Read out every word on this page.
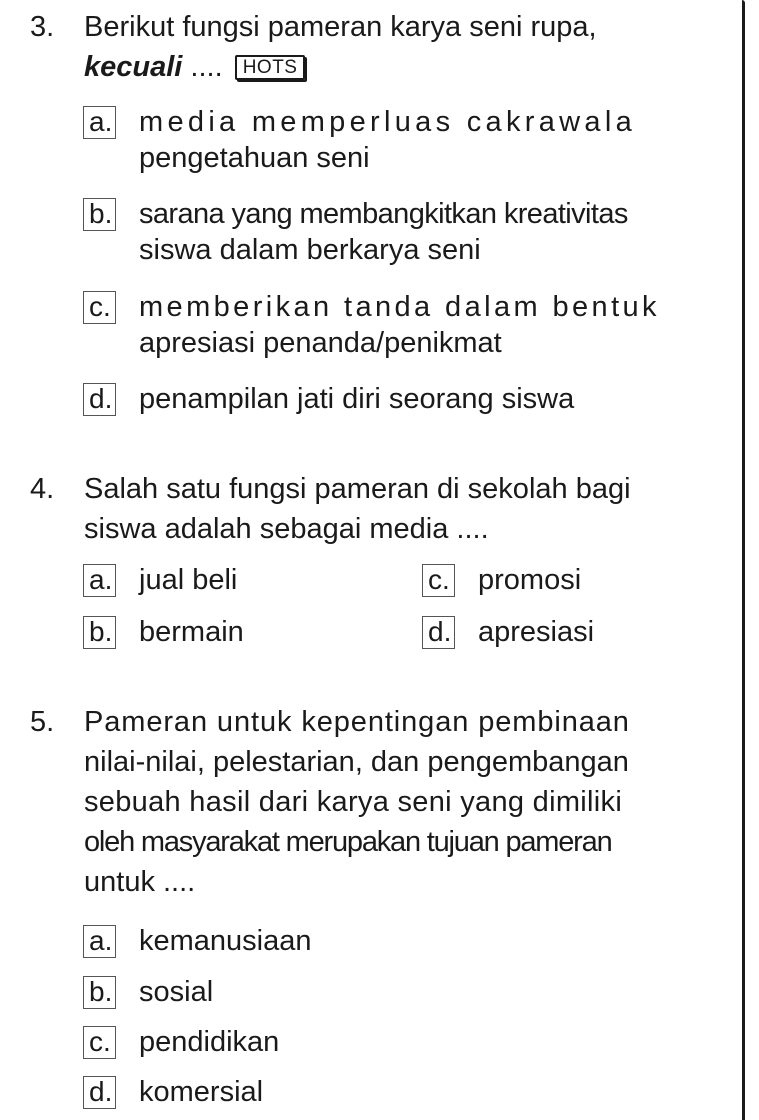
3. Berikut fungsi pameran karya seni rupa,
kecuali .... HOTS
a. media memperluas cakrawala
pengetahuan seni
b. sarana yang membangkitkan kreativitas
siswa dalam berkarya seni
c. memberikan tanda dalam bentuk
apresiasi penanda/penikmat
d. penampilan jati diri seorang siswa
4. Salah satu fungsi pameran di sekolah bagi
siswa adalah sebagai media ....
a. jual beli
b. bermain
c. promosi
d. apresiasi
5. Pameran untuk kepentingan pembinaan
nilai-nilai, pelestarian, dan pengembangan
sebuah hasil dari karya seni yang dimiliki
oleh masyarakat merupakan tujuan pameran
untuk ....
a. kemanusiaan
b. sosial
c. pendidikan
d. komersial
